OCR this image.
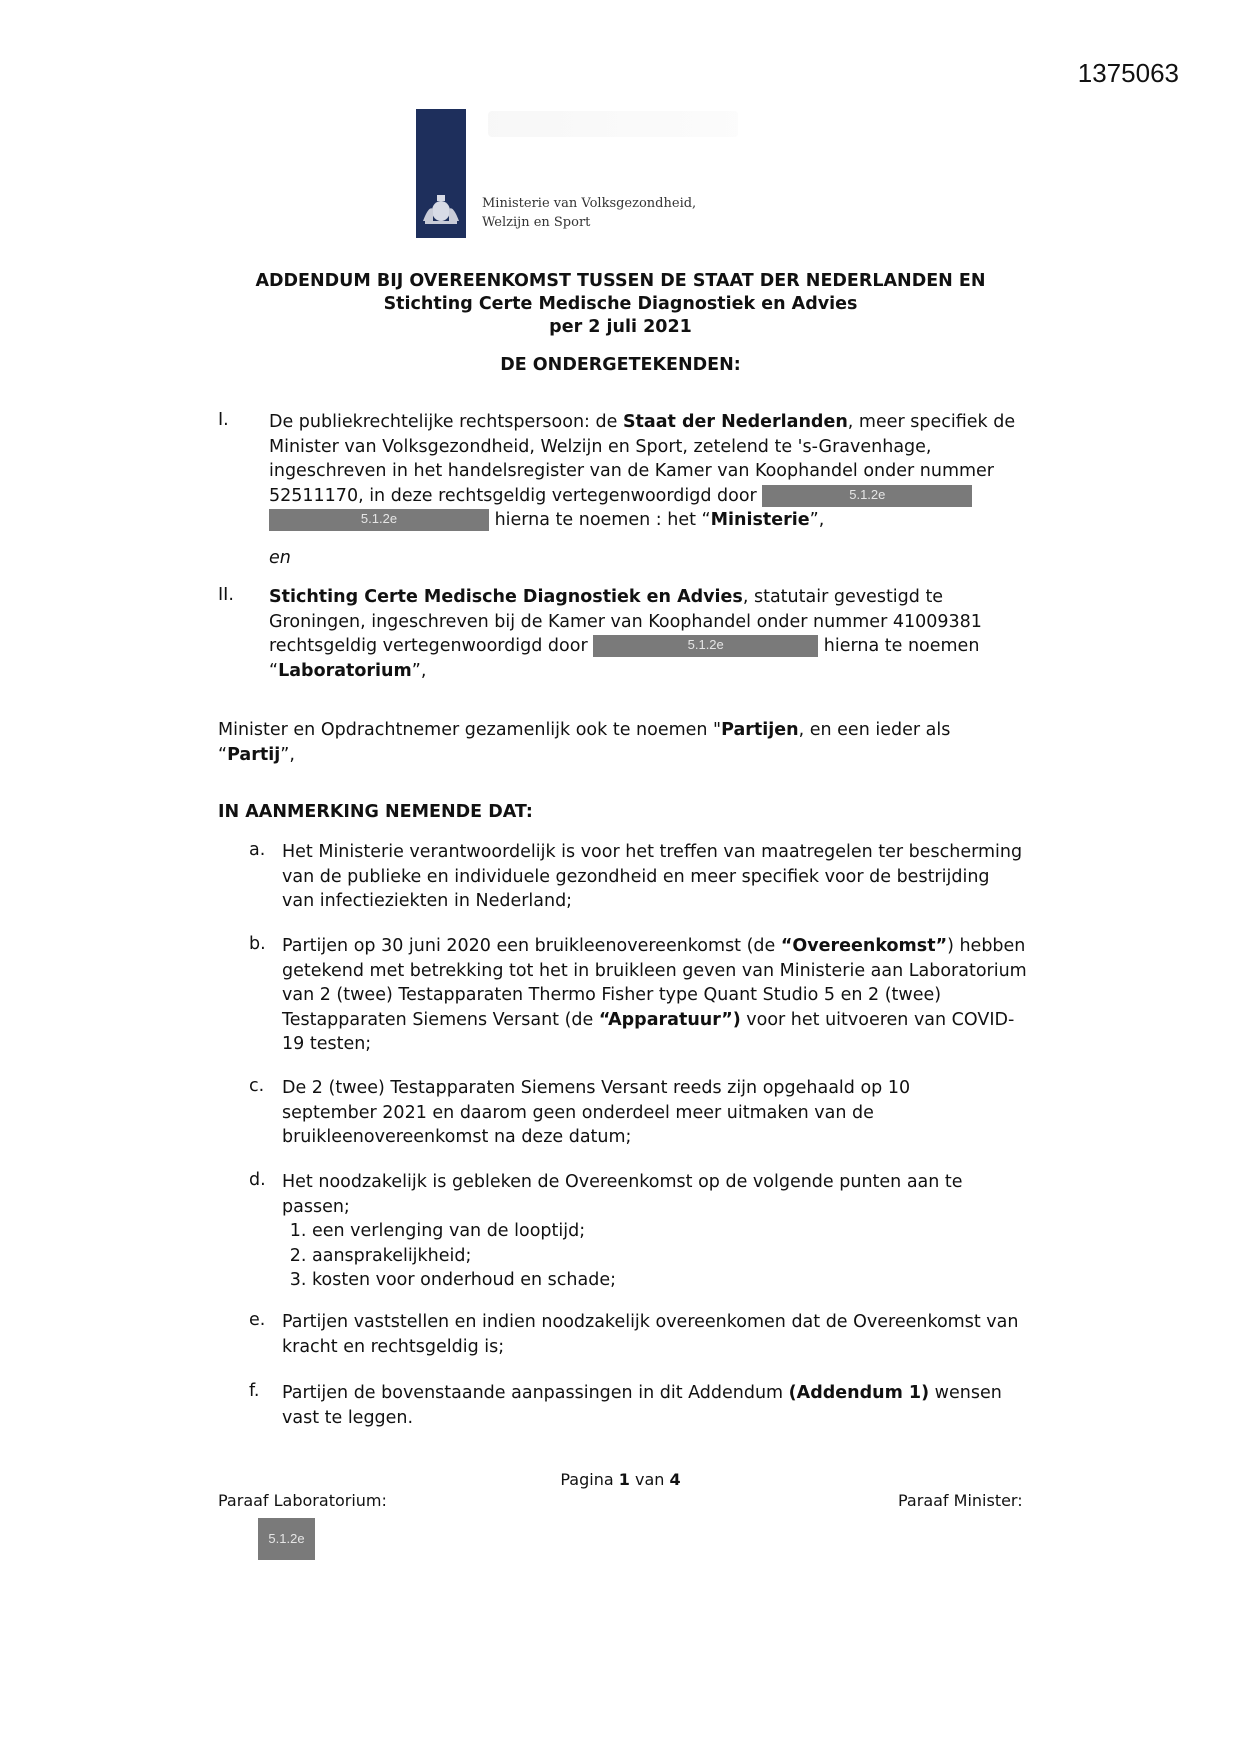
1375063
Ministerie van Volksgezondheid,
Welzijn en Sport
ADDENDUM BIJ OVEREENKOMST TUSSEN DE STAAT DER NEDERLANDEN EN
Stichting Certe Medische Diagnostiek en Advies
per 2 juli 2021
DE ONDERGETEKENDEN:
I. De publiekrechtelijke rechtspersoon: de Staat der Nederlanden, meer specifiek de Minister van Volksgezondheid, Welzijn en Sport, zetelend te 's-Gravenhage, ingeschreven in het handelsregister van de Kamer van Koophandel onder nummer 52511170, in deze rechtsgeldig vertegenwoordigd door	5.1.2e 5.1.2e	hierna te noemen : het “Ministerie”,
en
II. Stichting Certe Medische Diagnostiek en Advies, statutair gevestigd te Groningen, ingeschreven bij de Kamer van Koophandel onder nummer 41009381 rechtsgeldig vertegenwoordigd door	5.1.2e	hierna te noemen “Laboratorium”,
Minister en Opdrachtnemer gezamenlijk ook te noemen "Partijen, en een ieder als “Partij”,
IN AANMERKING NEMENDE DAT:
a. Het Ministerie verantwoordelijk is voor het treffen van maatregelen ter bescherming van de publieke en individuele gezondheid en meer specifiek voor de bestrijding van infectieziekten in Nederland;
b. Partijen op 30 juni 2020 een bruikleenovereenkomst (de “Overeenkomst”) hebben getekend met betrekking tot het in bruikleen geven van Ministerie aan Laboratorium van 2 (twee) Testapparaten Thermo Fisher type Quant Studio 5 en 2 (twee) Testapparaten Siemens Versant (de “Apparatuur”) voor het uitvoeren van COVID-19 testen;
c. De 2 (twee) Testapparaten Siemens Versant reeds zijn opgehaald op 10 september 2021 en daarom geen onderdeel meer uitmaken van de bruikleenovereenkomst na deze datum;
d. Het noodzakelijk is gebleken de Overeenkomst op de volgende punten aan te passen;
1. een verlenging van de looptijd;
2. aansprakelijkheid;
3. kosten voor onderhoud en schade;
e. Partijen vaststellen en indien noodzakelijk overeenkomen dat de Overeenkomst van kracht en rechtsgeldig is;
f. Partijen de bovenstaande aanpassingen in dit Addendum (Addendum 1) wensen vast te leggen.
Pagina 1 van 4
Paraaf Laboratorium:	Paraaf Minister:
5.1.2e
